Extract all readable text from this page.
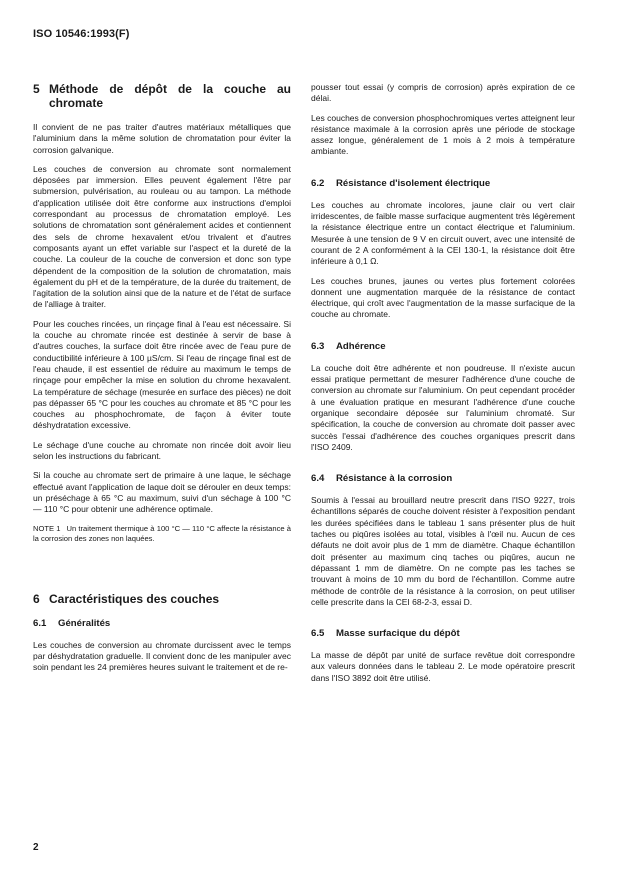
ISO 10546:1993(F)
5 Méthode de dépôt de la couche au chromate

Il convient de ne pas traiter d'autres matériaux métalliques que l'aluminium dans la même solution de chromatation pour éviter la corrosion galvanique.

Les couches de conversion au chromate sont normalement déposées par immersion. Elles peuvent également l'être par submersion, pulvérisation, au rouleau ou au tampon. La méthode d'application utilisée doit être conforme aux instructions d'emploi correspondant au processus de chromatation employé. Les solutions de chromatation sont généralement acides et contiennent des sels de chrome hexavalent et/ou trivalent et d'autres composants ayant un effet variable sur l'aspect et la dureté de la couche. La couleur de la couche de conversion et donc son type dépendent de la composition de la solution de chromatation, mais également du pH et de la température, de la durée du traitement, de l'agitation de la solution ainsi que de la nature et de l'état de surface de l'alliage à traiter.

Pour les couches rincées, un rinçage final à l'eau est nécessaire. Si la couche au chromate rincée est destinée à servir de base à d'autres couches, la surface doit être rincée avec de l'eau pure de conductibilité inférieure à 100 µS/cm. Si l'eau de rinçage final est de l'eau chaude, il est essentiel de réduire au maximum le temps de rinçage pour empêcher la mise en solution du chrome hexavalent. La température de séchage (mesurée en surface des pièces) ne doit pas dépasser 65 °C pour les couches au chromate et 85 °C pour les couches au phosphochromate, de façon à éviter toute déshydratation excessive.

Le séchage d'une couche au chromate non rincée doit avoir lieu selon les instructions du fabricant.

Si la couche au chromate sert de primaire à une laque, le séchage effectué avant l'application de laque doit se dérouler en deux temps: un préséchage à 65 °C au maximum, suivi d'un séchage à 100 °C — 110 °C pour obtenir une adhérence optimale.

NOTE 1 Un traitement thermique à 100 °C — 110 °C affecte la résistance à la corrosion des zones non laquées.

6 Caractéristiques des couches
6.1	Généralités

Les couches de conversion au chromate durcissent avec le temps par déshydratation graduelle. Il convient donc de les manipuler avec soin pendant les 24 premières heures suivant le traitement et de re-

pousser tout essai (y compris de corrosion) après expiration de ce délai.

Les couches de conversion phosphochromiques vertes atteignent leur résistance maximale à la corrosion après une période de stockage assez longue, généralement de 1 mois à 2 mois à température ambiante.

6.2	Résistance d'isolement électrique

Les couches au chromate incolores, jaune clair ou vert clair irridescentes, de faible masse surfacique augmentent très légèrement la résistance électrique entre un contact électrique et l'aluminium. Mesurée à une tension de 9 V en circuit ouvert, avec une intensité de courant de 2 A conformément à la CEI 130-1, la résistance doit être inférieure à 0,1 Ω.

Les couches brunes, jaunes ou vertes plus fortement colorées donnent une augmentation marquée de la résistance de contact électrique, qui croît avec l'augmentation de la masse surfacique de la couche au chromate.

6.3	Adhérence

La couche doit être adhérente et non poudreuse. Il n'existe aucun essai pratique permettant de mesurer l'adhérence d'une couche de conversion au chromate sur l'aluminium. On peut cependant procéder à une évaluation pratique en mesurant l'adhérence d'une couche organique secondaire déposée sur l'aluminium chromaté. Sur spécification, la couche de conversion au chromate doit passer avec succès l'essai d'adhérence des couches organiques prescrit dans l'ISO 2409.

6.4	Résistance à la corrosion

Soumis à l'essai au brouillard neutre prescrit dans l'ISO 9227, trois échantillons séparés de couche doivent résister à l'exposition pendant les durées spécifiées dans le tableau 1 sans présenter plus de huit taches ou piqûres isolées au total, visibles à l'œil nu. Aucun de ces défauts ne doit avoir plus de 1 mm de diamètre. Chaque échantillon doit présenter au maximum cinq taches ou piqûres, aucun ne dépassant 1 mm de diamètre. On ne compte pas les taches se trouvant à moins de 10 mm du bord de l'échantillon. Comme autre méthode de contrôle de la résistance à la corrosion, on peut utiliser celle prescrite dans la CEI 68-2-3, essai D.

6.5	Masse surfacique du dépôt

La masse de dépôt par unité de surface revêtue doit correspondre aux valeurs données dans le tableau 2. Le mode opératoire prescrit dans l'ISO 3892 doit être utilisé.

2
